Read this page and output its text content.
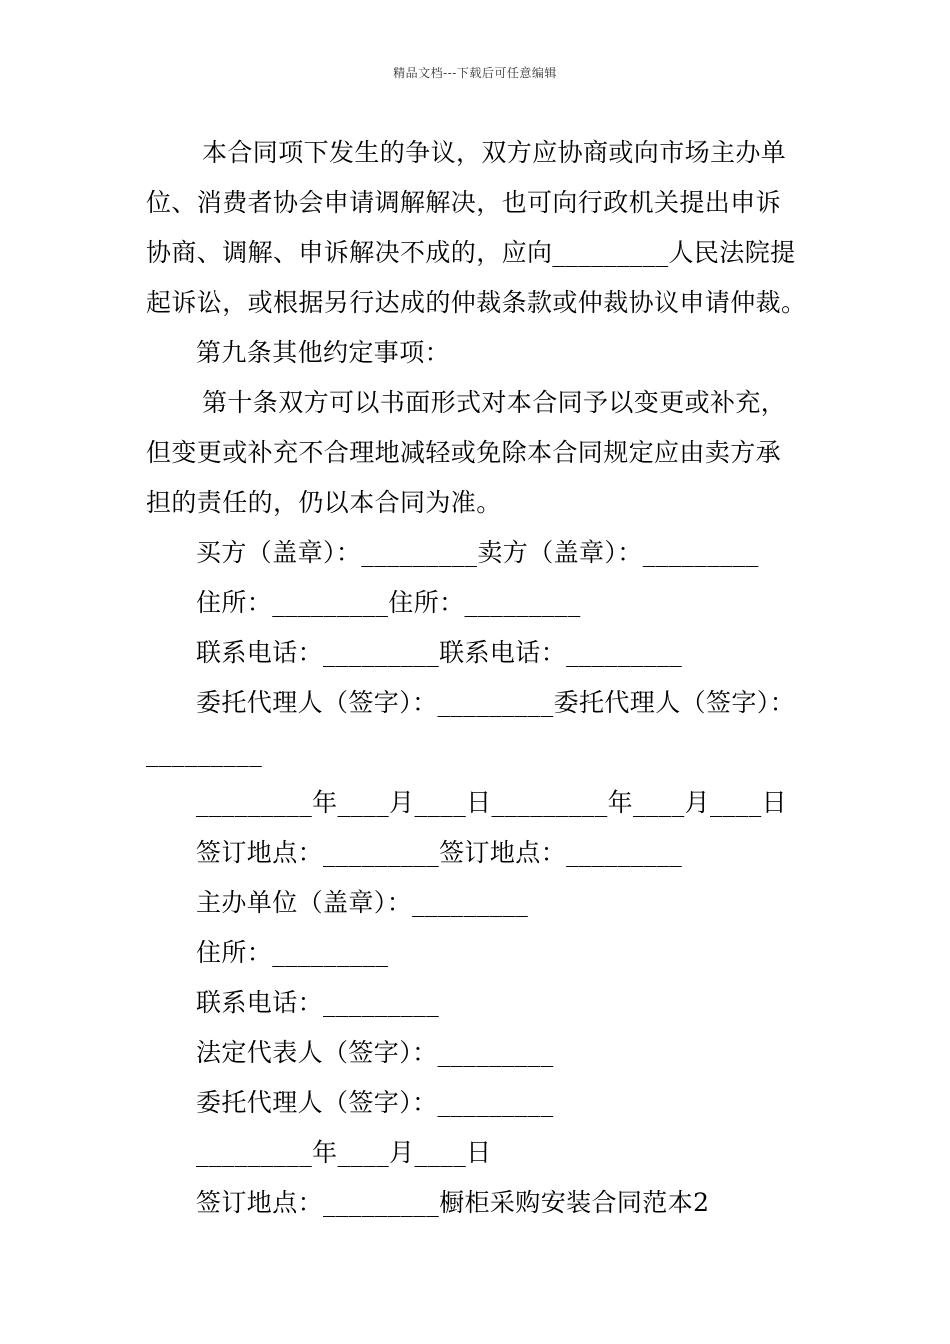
精品文档---下载后可任意编辑
本合同项下发生的争议，双方应协商或向市场主办单
位、消费者协会申请调解解决，也可向行政机关提出申诉
协商、调解、申诉解决不成的，应向_________人民法院提
起诉讼，或根据另行达成的仲裁条款或仲裁协议申请仲裁。
第九条其他约定事项：
第十条双方可以书面形式对本合同予以变更或补充，
但变更或补充不合理地减轻或免除本合同规定应由卖方承
担的责任的，仍以本合同为准。
买方（盖章）：_________卖方（盖章）：_________
住所：_________住所：_________
联系电话：_________联系电话：_________
委托代理人（签字）：_________委托代理人（签字）：
_________
_________年____月____日_________年____月____日
签订地点：_________签订地点：_________
主办单位（盖章）：_________
住所：_________
联系电话：_________
法定代表人（签字）：_________
委托代理人（签字）：_________
_________年____月____日
签订地点：_________橱柜采购安装合同范本2
